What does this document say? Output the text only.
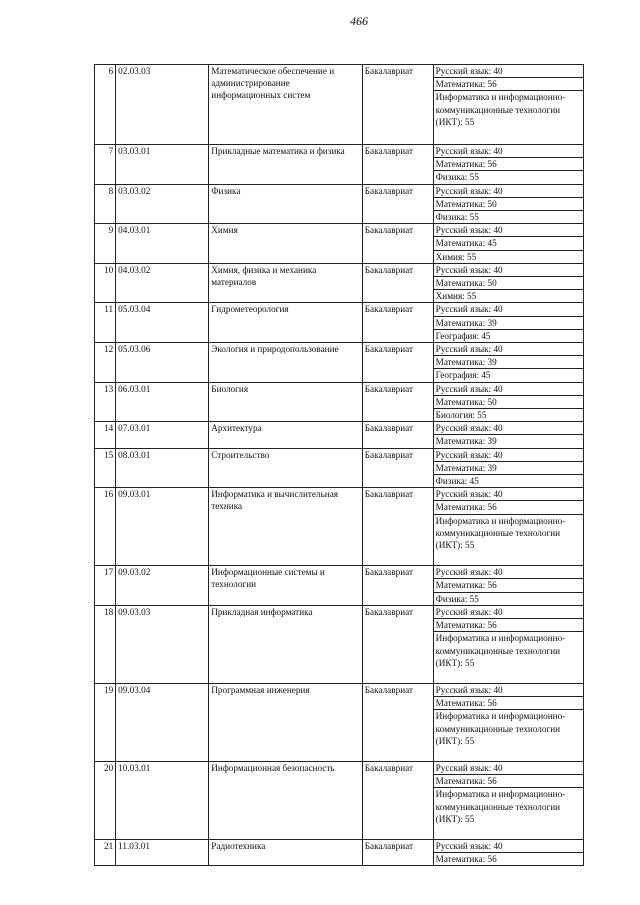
466
6	02.03.03	Математическое обеспечение и администрирование информационных систем	Бакалавриат	Русский язык: 40
Математика: 56
Информатика и информационно-коммуникационные технологии (ИКТ): 55

7	03.03.01	Прикладные математика и физика	Бакалавриат	Русский язык: 40
Математика: 56
Физика: 55

8	03.03.02	Физика	Бакалавриат	Русский язык: 40
Математика: 50
Физика: 55

9	04.03.01	Химия	Бакалавриат	Русский язык: 40
Математика: 45
Химия: 55

10	04.03.02	Химия, физика и механика материалов	Бакалавриат	Русский язык: 40
Математика: 50
Химия: 55

11	05.03.04	Гидрометеорология	Бакалавриат	Русский язык: 40
Математика: 39
География: 45

12	05.03.06	Экология и природопользование	Бакалавриат	Русский язык: 40
Математика: 39
География: 45

13	06.03.01	Биология	Бакалавриат	Русский язык: 40
Математика: 50
Биология: 55

14	07.03.01	Архитектура	Бакалавриат	Русский язык: 40
Математика: 39

15	08.03.01	Строительство	Бакалавриат	Русский язык: 40
Математика: 39
Физика: 45

16	09.03.01	Информатика и вычислительная техника	Бакалавриат	Русский язык: 40
Математика: 56
Информатика и информационно-коммуникационные технологии (ИКТ): 55

17	09.03.02	Информационные системы и технологии	Бакалавриат	Русский язык: 40
Математика: 56
Физика: 55

18	09.03.03	Прикладная информатика	Бакалавриат	Русский язык: 40
Математика: 56
Информатика и информационно-коммуникационные технологии (ИКТ): 55

19	09.03.04	Программная инженерия	Бакалавриат	Русский язык: 40
Математика: 56
Информатика и информационно-коммуникационные технологии (ИКТ): 55

20	10.03.01	Информационная безопасность	Бакалавриат	Русский язык: 40
Математика: 56
Информатика и информационно-коммуникационные технологии (ИКТ): 55

21	11.03.01	Радиотехника	Бакалавриат	Русский язык: 40
Математика: 56
